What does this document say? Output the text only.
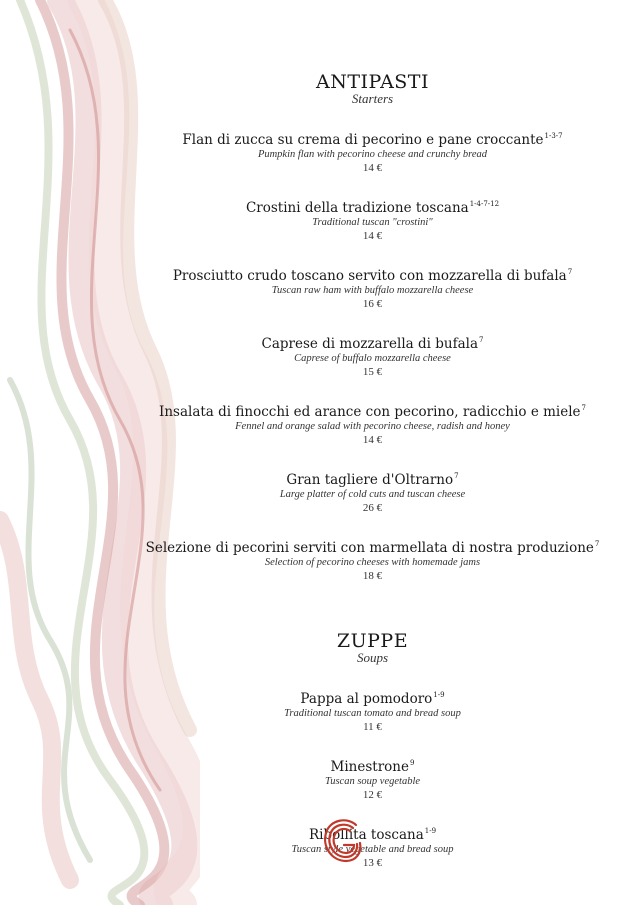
ANTIPASTI

Starters

Flan di zucca su crema di pecorino e pane croccante$^{1-3-7}$

Pumpkin flan with pecorino cheese and crunchy bread

14 €

Crostini della tradizione toscana$^{1-4-7-12}$

Traditional tuscan "crostini"

14 €

Prosciutto crudo toscano servito con mozzarella di bufala$^7$

Tuscan raw ham with buffalo mozzarella cheese

16 €

Caprese di mozzarella di bufala$^7$

Caprese of buffalo mozzarella cheese

15 €

Insalata di finocchi ed arance con pecorino, radicchio e miele$^7$

Fennel and orange salad with pecorino cheese, radish and honey

14 €

Gran tagliere d'Oltrarno$^7$

Large platter of cold cuts and tuscan cheese

26 €

Selezione di pecorini serviti con marmellata di nostra produzione$^7$

Selection of pecorino cheeses with homemade jams

18 €

ZUPPE

Soups

Pappa al pomodoro$^{1-9}$

Traditional tuscan tomato and bread soup

11 €

Minestrone$^9$

Tuscan soup vegetable

12 €

Ribollita toscana$^{1-9}$

Tuscan style vegetable and bread soup

13 €
